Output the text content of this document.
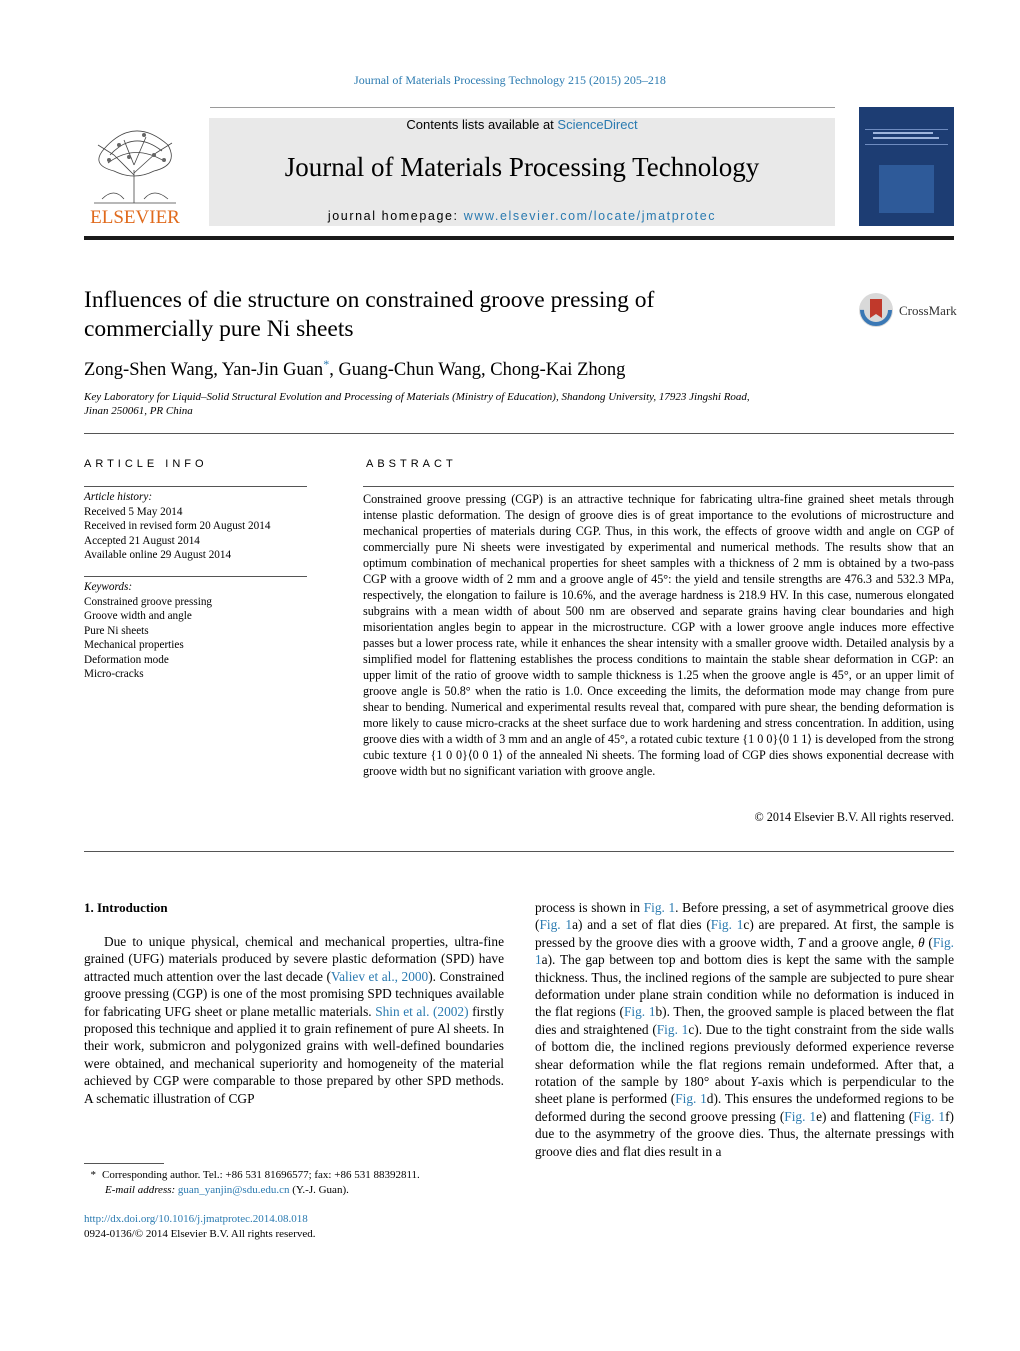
Journal of Materials Processing Technology 215 (2015) 205–218
ELSEVIER
Contents lists available at ScienceDirect
Journal of Materials Processing Technology
journal homepage: www.elsevier.com/locate/jmatprotec
Influences of die structure on constrained groove pressing of
commercially pure Ni sheets
CrossMark
Zong-Shen Wang, Yan-Jin Guan*, Guang-Chun Wang, Chong-Kai Zhong
Key Laboratory for Liquid–Solid Structural Evolution and Processing of Materials (Ministry of Education), Shandong University, 17923 Jingshi Road,
Jinan 250061, PR China
ARTICLE INFO
Article history:
Received 5 May 2014
Received in revised form 20 August 2014
Accepted 21 August 2014
Available online 29 August 2014
Keywords:
Constrained groove pressing
Groove width and angle
Pure Ni sheets
Mechanical properties
Deformation mode
Micro-cracks
ABSTRACT
Constrained groove pressing (CGP) is an attractive technique for fabricating ultra-fine grained sheet metals through intense plastic deformation. The design of groove dies is of great importance to the evolutions of microstructure and mechanical properties of materials during CGP. Thus, in this work, the effects of groove width and angle on CGP of commercially pure Ni sheets were investigated by experimental and numerical methods. The results show that an optimum combination of mechanical properties for sheet samples with a thickness of 2 mm is obtained by a two-pass CGP with a groove width of 2 mm and a groove angle of 45°: the yield and tensile strengths are 476.3 and 532.3 MPa, respectively, the elongation to failure is 10.6%, and the average hardness is 218.9 HV. In this case, numerous elongated subgrains with a mean width of about 500 nm are observed and separate grains having clear boundaries and high misorientation angles begin to appear in the microstructure. CGP with a lower groove angle induces more effective passes but a lower process rate, while it enhances the shear intensity with a smaller groove width. Detailed analysis by a simplified model for flattening establishes the process conditions to maintain the stable shear deformation in CGP: an upper limit of the ratio of groove width to sample thickness is 1.25 when the groove angle is 45°, or an upper limit of groove angle is 50.8° when the ratio is 1.0. Once exceeding the limits, the deformation mode may change from pure shear to bending. Numerical and experimental results reveal that, compared with pure shear, the bending deformation is more likely to cause micro-cracks at the sheet surface due to work hardening and stress concentration. In addition, using groove dies with a width of 3 mm and an angle of 45°, a rotated cubic texture {1 0 0}⟨0 1 1⟩ is developed from the strong cubic texture {1 0 0}⟨0 0 1⟩ of the annealed Ni sheets. The forming load of CGP dies shows exponential decrease with groove width but no significant variation with groove angle.
© 2014 Elsevier B.V. All rights reserved.
1. Introduction
Due to unique physical, chemical and mechanical properties, ultra-fine grained (UFG) materials produced by severe plastic deformation (SPD) have attracted much attention over the last decade (Valiev et al., 2000). Constrained groove pressing (CGP) is one of the most promising SPD techniques available for fabricating UFG sheet or plane metallic materials. Shin et al. (2002) firstly proposed this technique and applied it to grain refinement of pure Al sheets. In their work, submicron and polygonized grains with well-defined boundaries were obtained, and mechanical superiority and homogeneity of the material achieved by CGP were comparable to those prepared by other SPD methods. A schematic illustration of CGP
process is shown in Fig. 1. Before pressing, a set of asymmetrical groove dies (Fig. 1a) and a set of flat dies (Fig. 1c) are prepared. At first, the sample is pressed by the groove dies with a groove width, T and a groove angle, θ (Fig. 1a). The gap between top and bottom dies is kept the same with the sample thickness. Thus, the inclined regions of the sample are subjected to pure shear deformation under plane strain condition while no deformation is induced in the flat regions (Fig. 1b). Then, the grooved sample is placed between the flat dies and straightened (Fig. 1c). Due to the tight constraint from the side walls of bottom die, the inclined regions previously deformed experience reverse shear deformation while the flat regions remain undeformed. After that, a rotation of the sample by 180° about Y-axis which is perpendicular to the sheet plane is performed (Fig. 1d). This ensures the undeformed regions to be deformed during the second groove pressing (Fig. 1e) and flattening (Fig. 1f) due to the asymmetry of the groove dies. Thus, the alternate pressings with groove dies and flat dies result in a
* Corresponding author. Tel.: +86 531 81696577; fax: +86 531 88392811.
E-mail address: guan_yanjin@sdu.edu.cn (Y.-J. Guan).
http://dx.doi.org/10.1016/j.jmatprotec.2014.08.018
0924-0136/© 2014 Elsevier B.V. All rights reserved.
